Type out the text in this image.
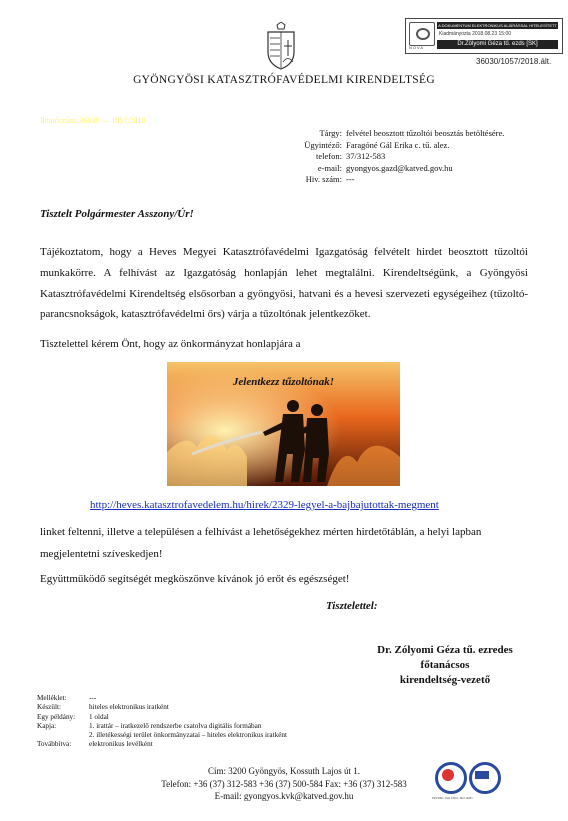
NOVA
A DOKUMENTUM ELEKTRONIKUS ALÁÍRÁSSAL HITELESÍTETT
Kiadmányozta 2018.08.23 15:00
Dr.Zölyomi Géza tű. ezds [SK]
36030/1057/2018.ált.
GYÖNGYÖSI KATASZTRÓFAVÉDELMI KIRENDELTSÉG
Iktatószám: 36030 — 1057/2018
Tárgy: felvétel beosztott tűzoltói beosztás betöltésére.
Ügyintéző: Faragóné Gál Erika c. tű. alez.
telefon: 37/312-583
e-mail: gyongyos.gazd@katved.gov.hu
Hiv. szám: ---
Tisztelt Polgármester Asszony/Úr!
Tájékoztatom, hogy a Heves Megyei Katasztrófavédelmi Igazgatóság felvételt hirdet beosztott tűzoltói munkakörre. A felhívást az Igazgatóság honlapján lehet megtalálni. Kirendeltségünk, a Gyöngyösi Katasztrófavédelmi Kirendeltség elsősorban a gyöngyösi, hatvani és a hevesi szervezeti egységeihez (tűzoltó-parancsnokságok, katasztrófavédelmi őrs) várja a tűzoltónak jelentkezőket.
Tisztelettel kérem Önt, hogy az önkormányzat honlapjára a
Jelentkezz tűzoltónak!
http://heves.katasztrofavedelem.hu/hirek/2329-legyel-a-bajbajutottak-megment
linket feltenni, illetve a településen a felhívást a lehetőségekhez mérten hirdetőtáblán, a helyi lapban megjelentetni szíveskedjen!
Együttműködő segítségét megköszönve kívánok jó erőt és egészséget!
Tisztelettel:
Dr. Zólyomi Géza tű. ezredes
főtanácsos
kirendeltség-vezető
Melléklet:	---
Készült:	hiteles elektronikus iratként
Egy példány:	1 oldal
Kapja:	1. irattár – iratkezelő rendszerbe csatolva digitális formában
2. illetékességi terület önkormányzatai – hiteles elektronikus iratként
Továbbítva:	elektronikus levélként
Cím: 3200 Gyöngyös, Kossuth Lajos út 1.
Telefon: +36 (37) 312-583 +36 (37) 500-584 Fax: +36 (37) 312-583
E-mail: gyongyos.kvk@katved.gov.hu	ISO 9001, ISO 27001, ISO 14001
